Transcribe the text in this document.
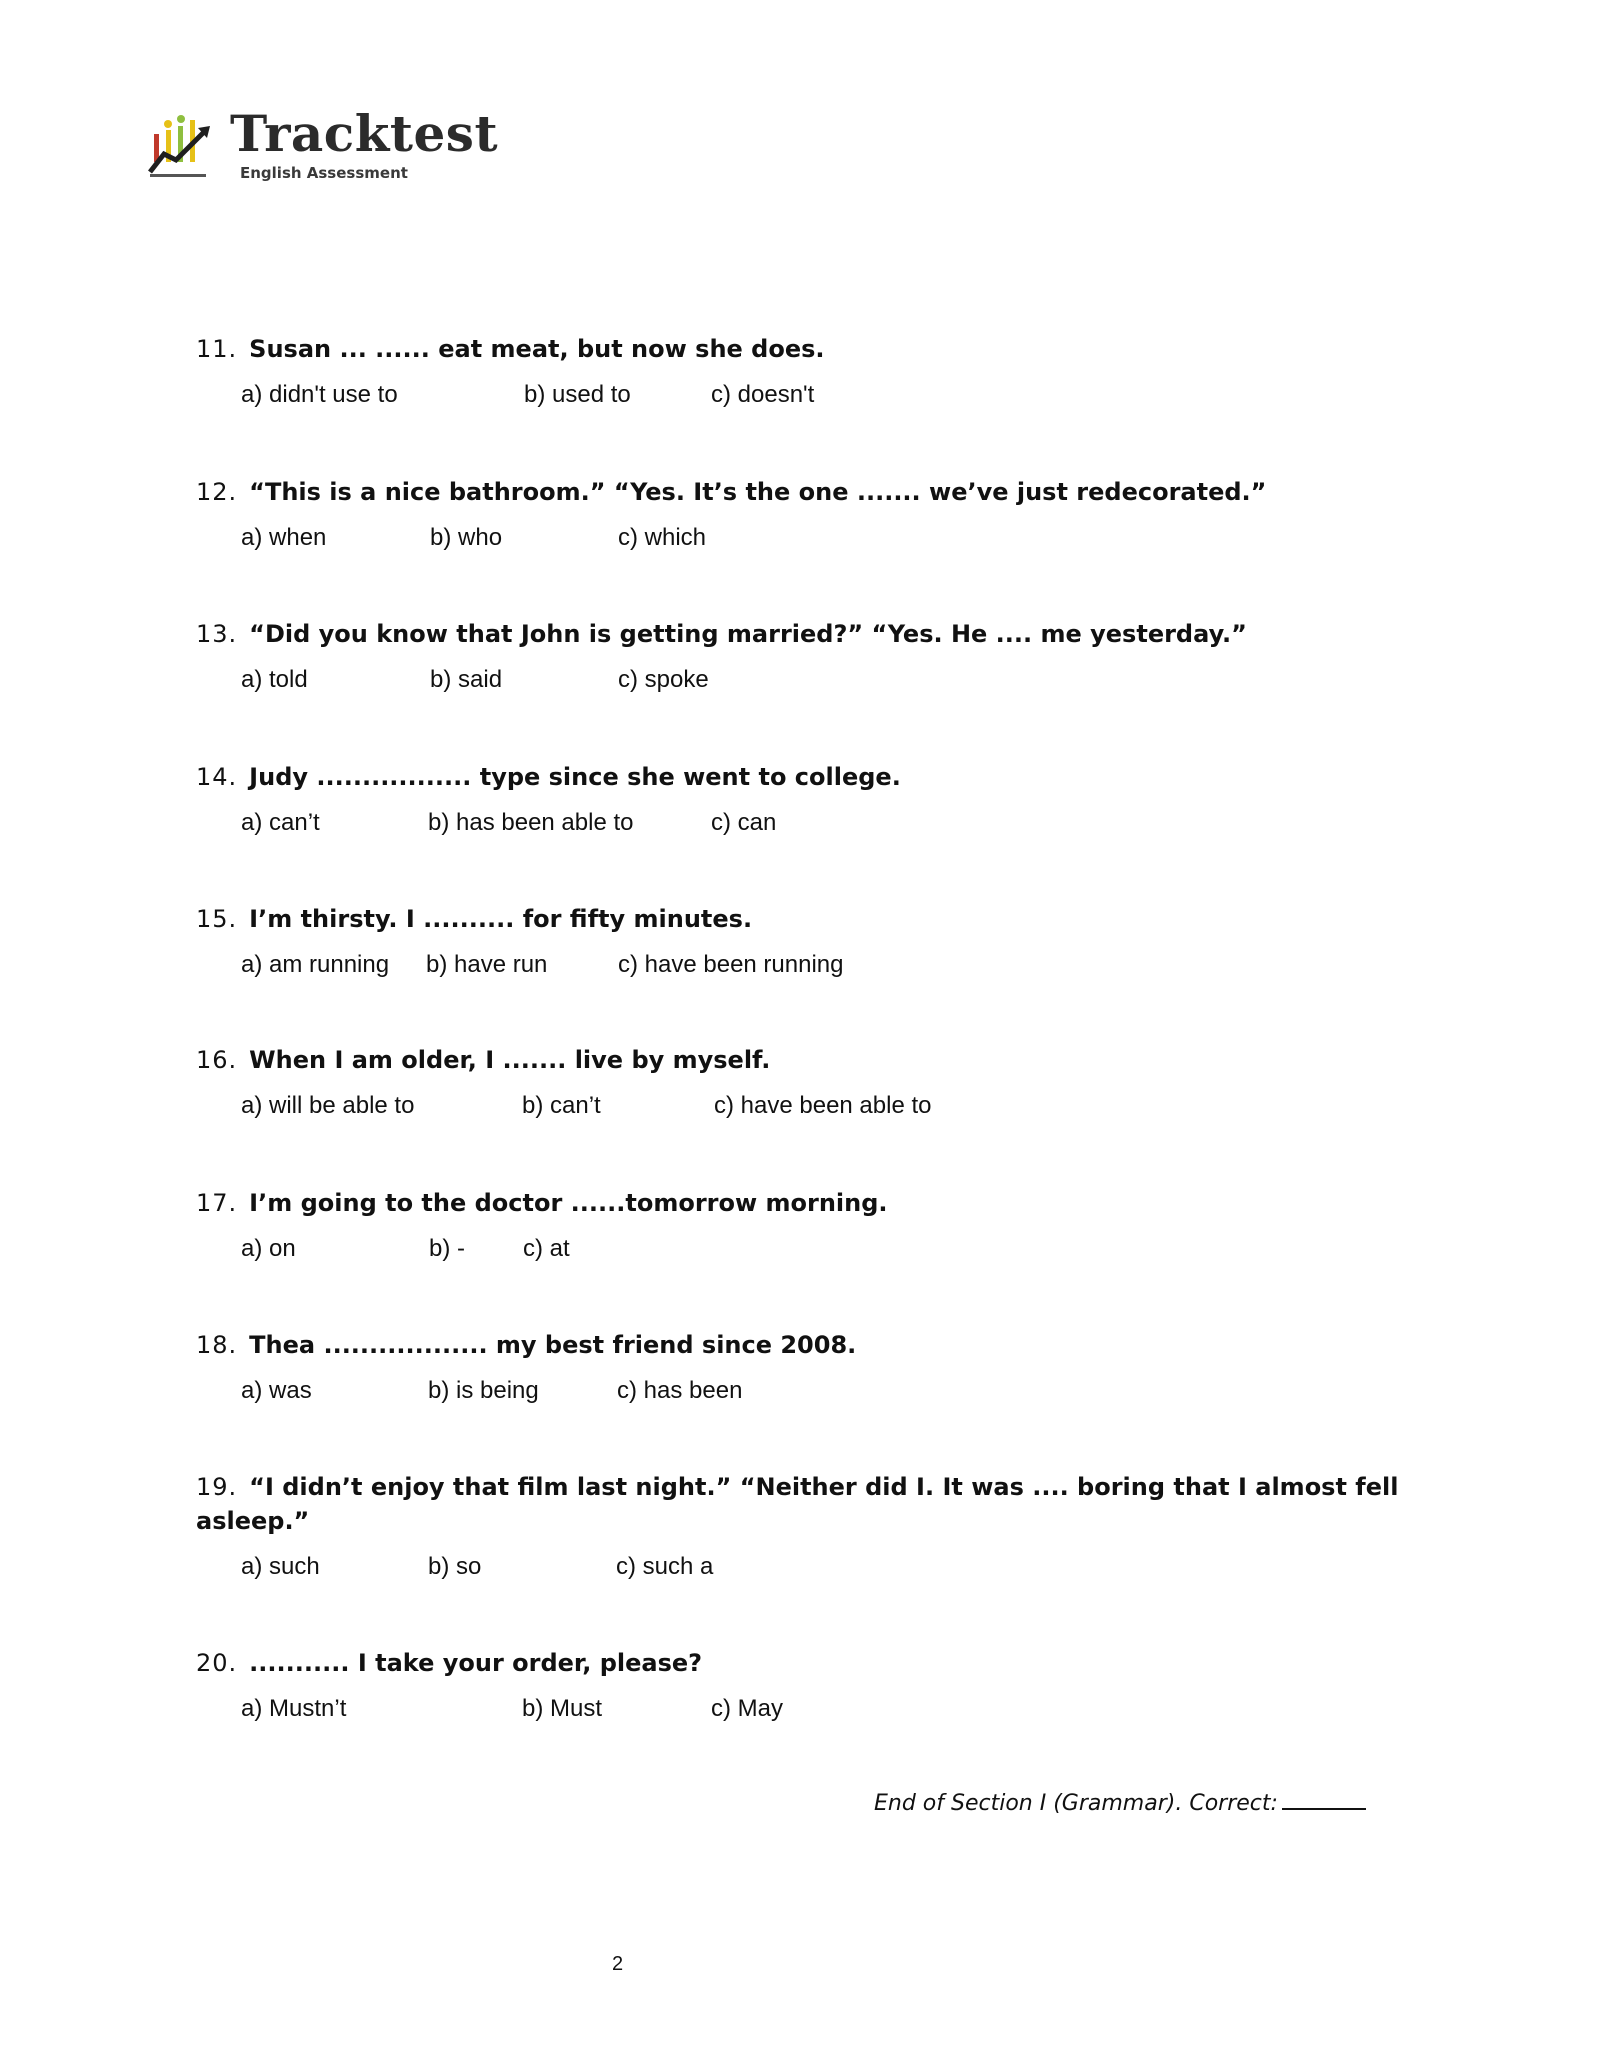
Tracktest
English Assessment
11. Susan ... ...... eat meat, but now she does.
a) didn't use to	b) used to	c) doesn't
12. “This is a nice bathroom.” “Yes. It’s the one ....... we’ve just redecorated.”
a) when	b) who	c) which
13. “Did you know that John is getting married?” “Yes. He .... me yesterday.”
a) told	b) said	c) spoke
14. Judy ................. type since she went to college.
a) can’t	b) has been able to	c) can
15. I’m thirsty. I .......... for fifty minutes.
a) am running b) have run	c) have been running
16. When I am older, I ....... live by myself.
a) will be able to	b) can’t	c) have been able to
17. I’m going to the doctor ......tomorrow morning.
a) on	b) - c) at
18. Thea .................. my best friend since 2008.
a) was	b) is being	c) has been
19. “I didn’t enjoy that film last night.” “Neither did I. It was .... boring that I almost fell asleep.”
a) such	b) so	c) such a
20. ........... I take your order, please?
a) Mustn’t	b) Must	c) May
End of Section I (Grammar). Correct:
2
